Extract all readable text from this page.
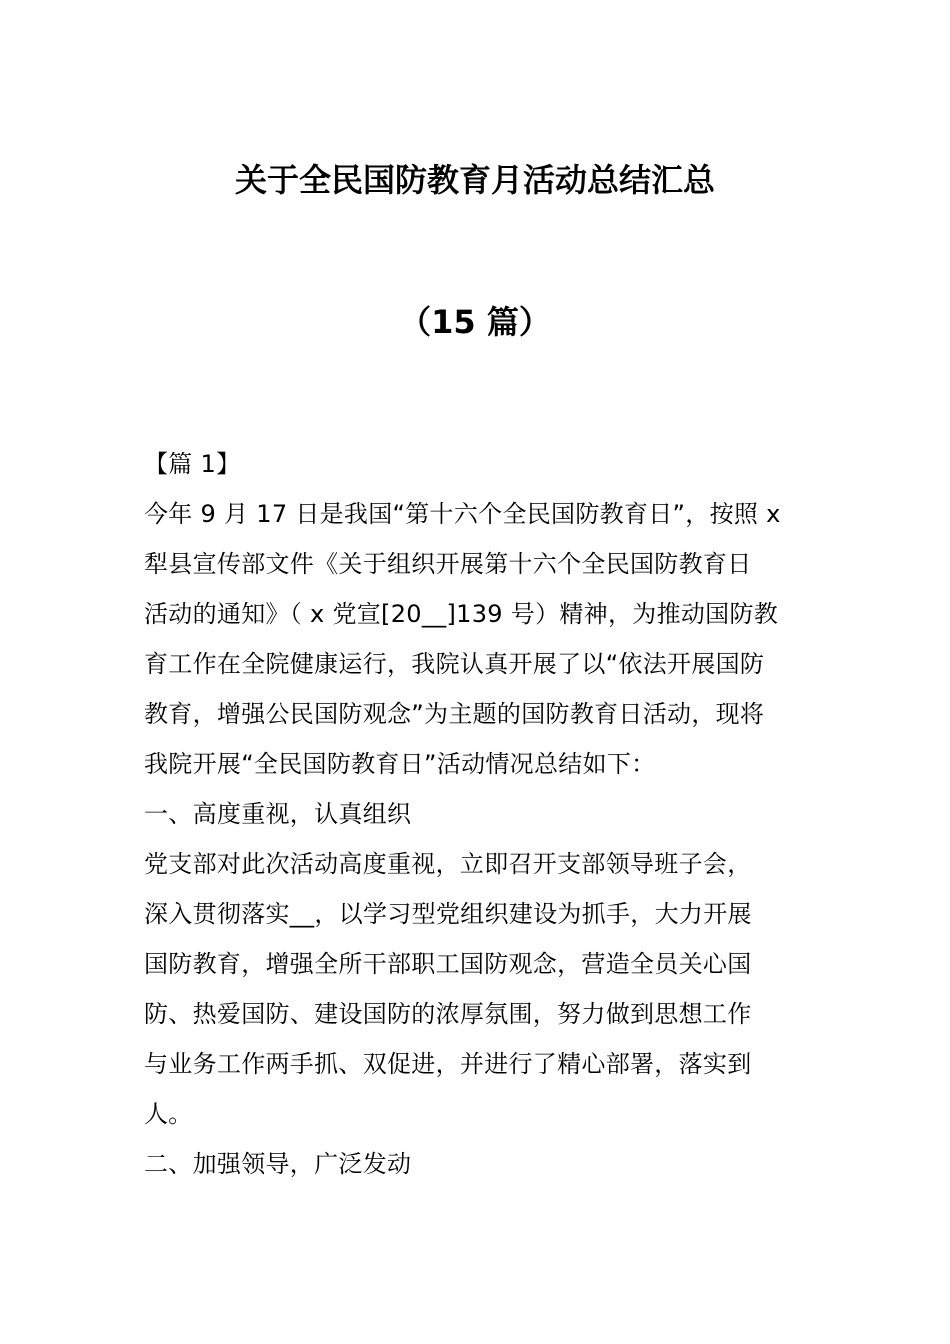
关于全民国防教育月活动总结汇总
（15 篇）

【篇 1】

今年 9 月 17 日是我国“第十六个全民国防教育日”，按照 x

犁县宣传部文件《关于组织开展第十六个全民国防教育日

活动的通知》（ x 党宣[20__]139 号）精神，为推动国防教

育工作在全院健康运行，我院认真开展了以“依法开展国防

教育，增强公民国防观念”为主题的国防教育日活动，现将

我院开展“全民国防教育日”活动情况总结如下：

一、高度重视，认真组织

党支部对此次活动高度重视，立即召开支部领导班子会，

深入贯彻落实__，以学习型党组织建设为抓手，大力开展

国防教育，增强全所干部职工国防观念，营造全员关心国

防、热爱国防、建设国防的浓厚氛围，努力做到思想工作

与业务工作两手抓、双促进，并进行了精心部署，落实到

人。

二、加强领导，广泛发动
